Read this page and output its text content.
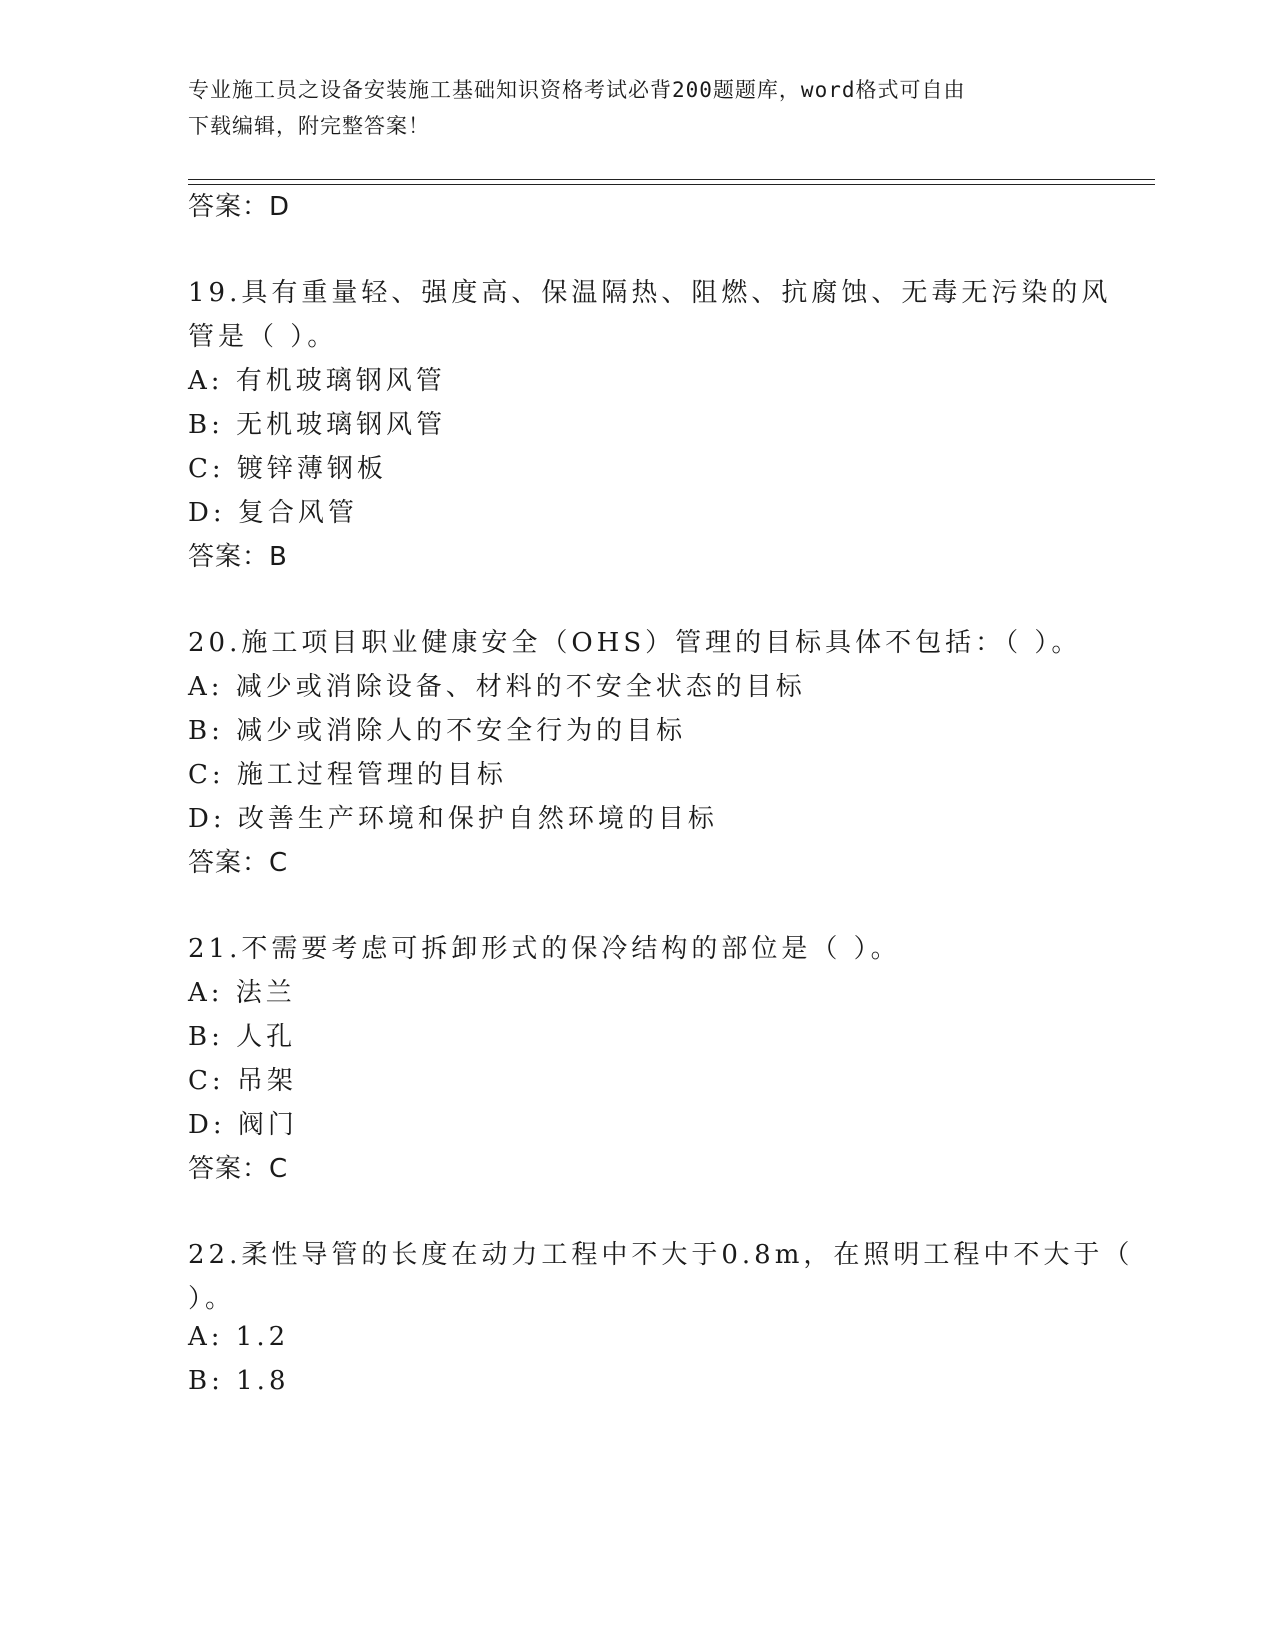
专业施工员之设备安装施工基础知识资格考试必背200题题库，word格式可自由
下载编辑，附完整答案！
答案：D
19.具有重量轻、强度高、保温隔热、阻燃、抗腐蚀、无毒无污染的风
管是（ ）。
A: 有机玻璃钢风管
B: 无机玻璃钢风管
C: 镀锌薄钢板
D: 复合风管
答案：B
20.施工项目职业健康安全（OHS）管理的目标具体不包括：（ ）。
A: 减少或消除设备、材料的不安全状态的目标
B: 减少或消除人的不安全行为的目标
C: 施工过程管理的目标
D: 改善生产环境和保护自然环境的目标
答案：C
21.不需要考虑可拆卸形式的保冷结构的部位是（ ）。
A: 法兰
B: 人孔
C: 吊架
D: 阀门
答案：C
22.柔性导管的长度在动力工程中不大于0.8m，在照明工程中不大于（
）。
A: 1.2
B: 1.8
